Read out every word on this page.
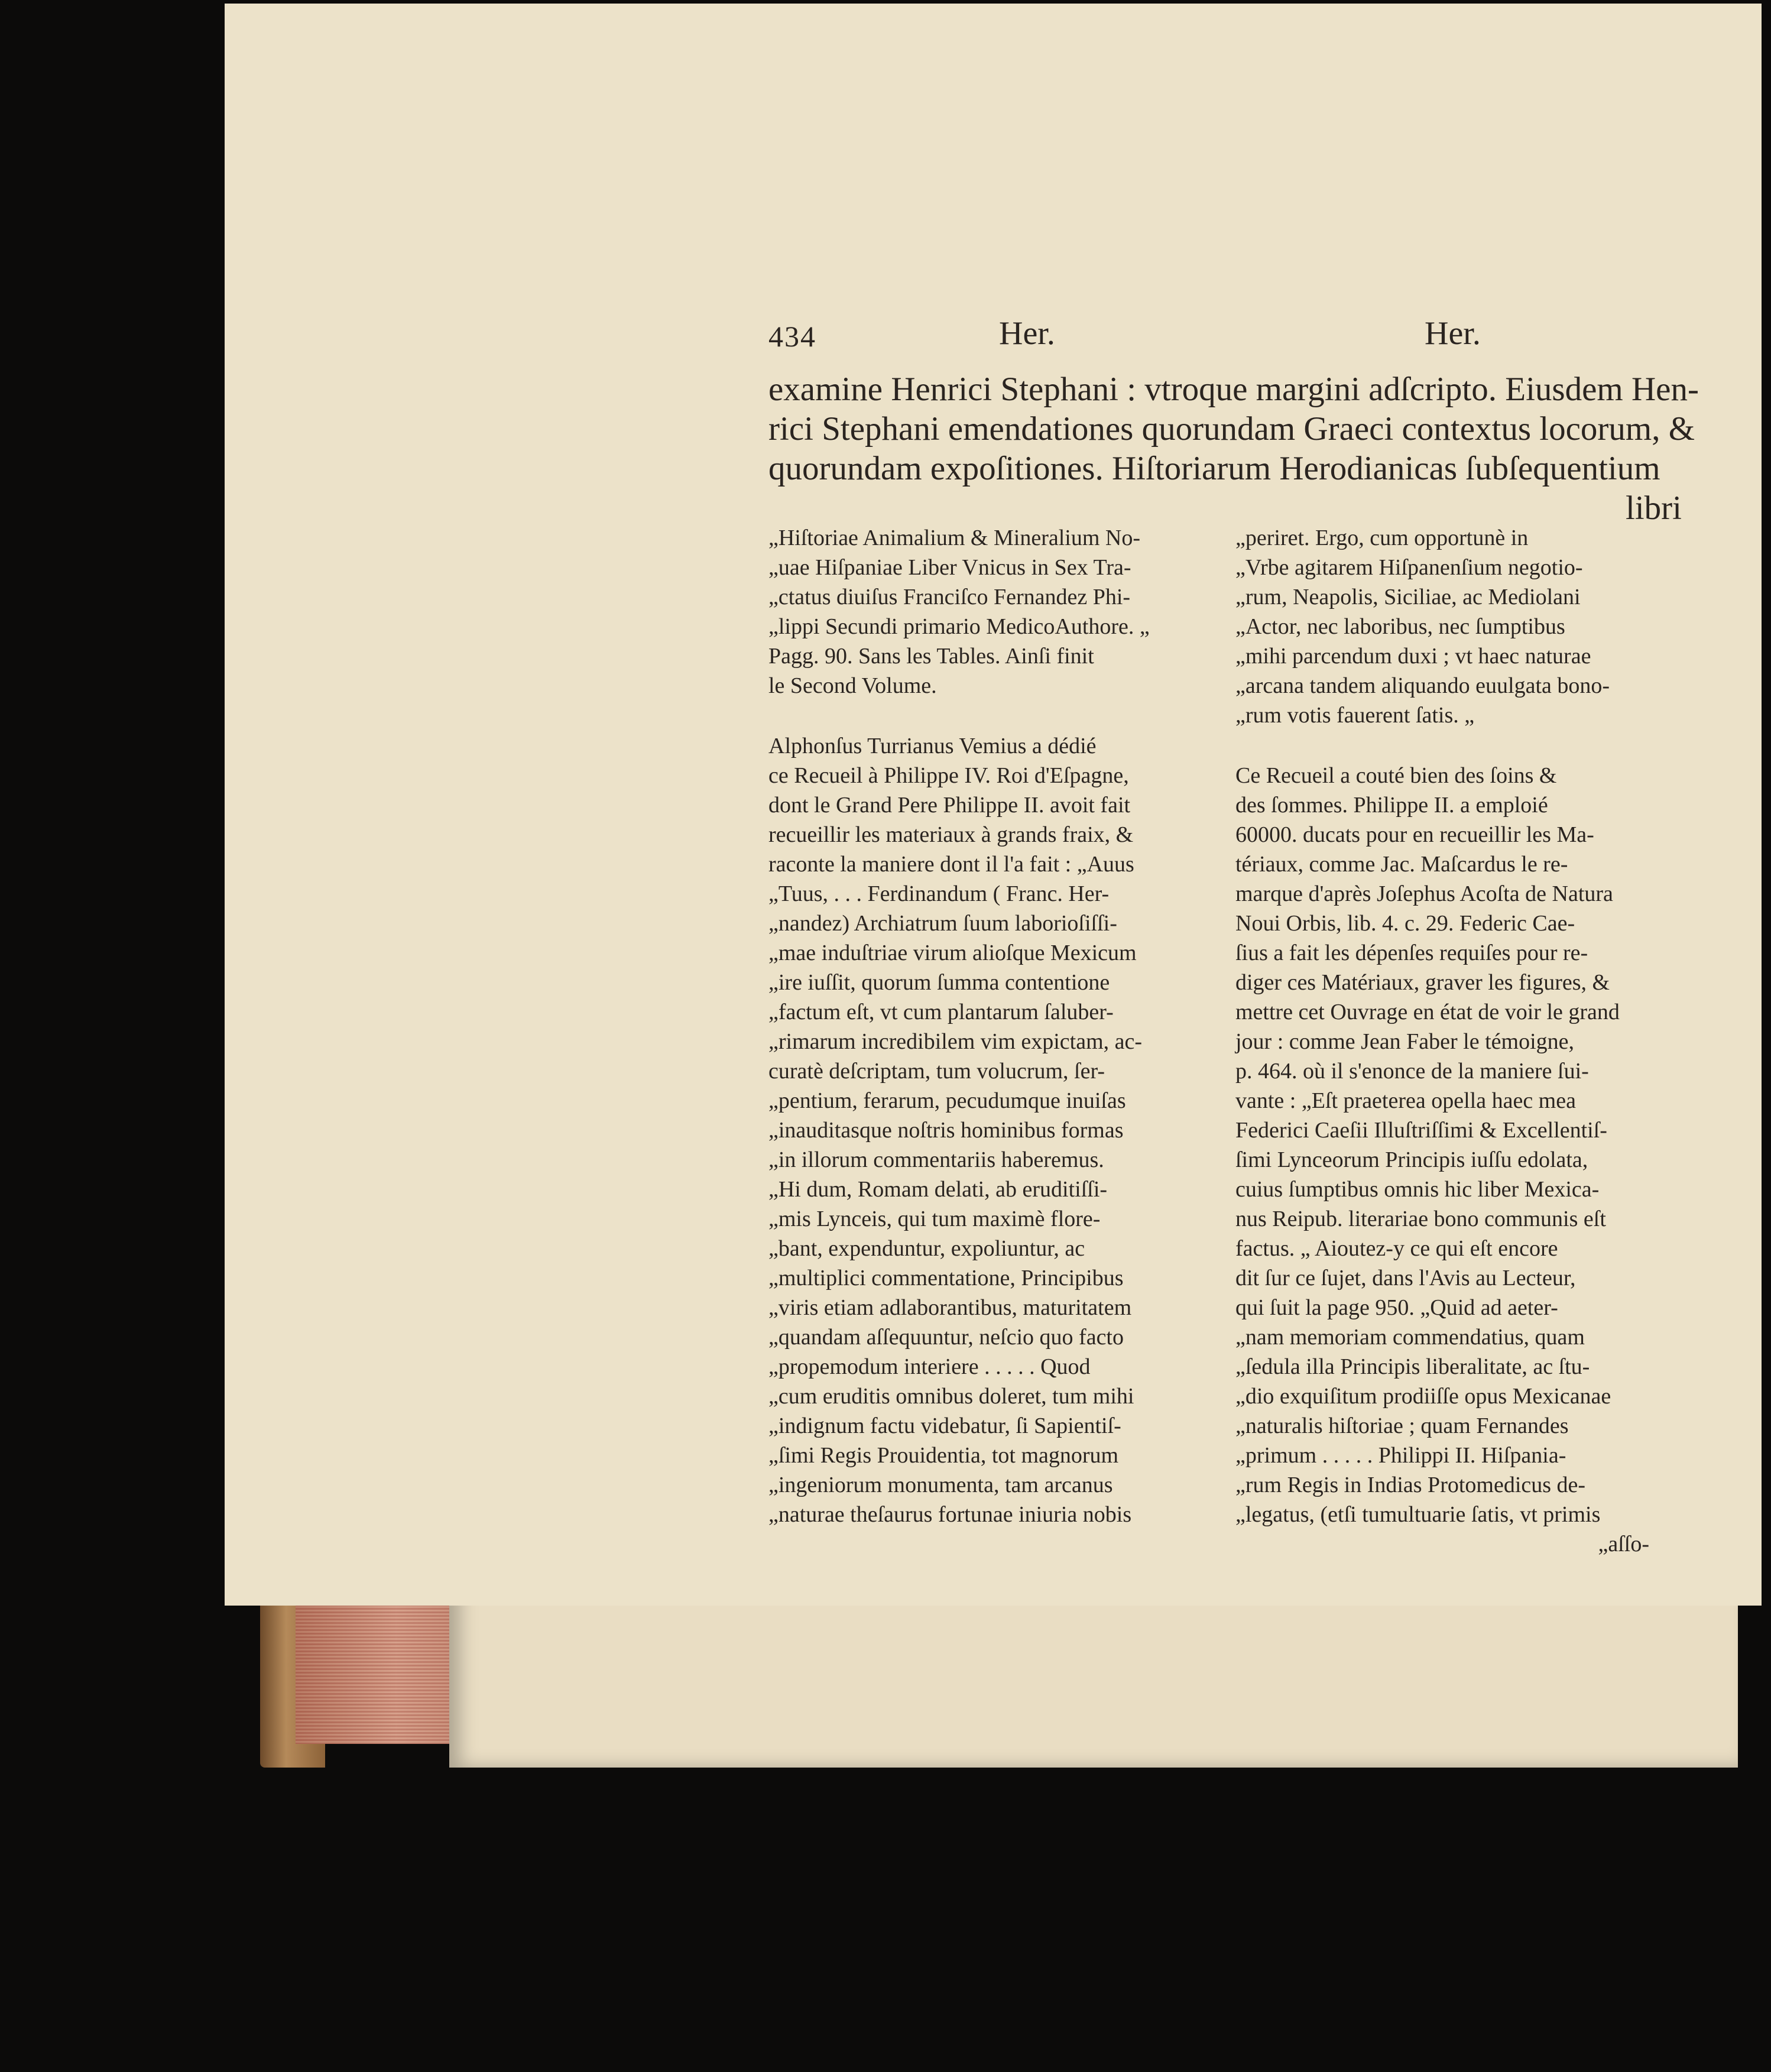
434	Her.	Her.
examine Henrici Stephani : vtroque margini adſcripto. Eiusdem Hen-
rici Stephani emendationes quorundam Graeci contextus locorum, &
quorundam expoſitiones. Hiſtoriarum Herodianicas ſubſequentium
libri
„Hiſtoriae Animalium & Mineralium No-
„uae Hiſpaniae Liber Vnicus in Sex Tra-
„ctatus diuiſus Franciſco Fernandez Phi-
„lippi Secundi primario MedicoAuthore. „
Pagg. 90. Sans les Tables. Ainſi finit
le Second Volume.
Alphonſus Turrianus Vemius a dédié
ce Recueil à Philippe IV. Roi d'Eſpagne,
dont le Grand Pere Philippe II. avoit fait
recueillir les materiaux à grands fraix, &
raconte la maniere dont il l'a fait : „Auus
„Tuus, . . . Ferdinandum ( Franc. Her-
„nandez) Archiatrum ſuum laborioſiſſi-
„mae induſtriae virum alioſque Mexicum
„ire iuſſit, quorum ſumma contentione
„factum eſt, vt cum plantarum ſaluber-
„rimarum incredibilem vim expictam, ac-
curatè deſcriptam, tum volucrum, ſer-
„pentium, ferarum, pecudumque inuiſas
„inauditasque noſtris hominibus formas
„in illorum commentariis haberemus.
„Hi dum, Romam delati, ab eruditiſſi-
„mis Lynceis, qui tum maximè flore-
„bant, expenduntur, expoliuntur, ac
„multiplici commentatione, Principibus
„viris etiam adlaborantibus, maturitatem
„quandam aſſequuntur, neſcio quo facto
„propemodum interiere . . . . . Quod
„cum eruditis omnibus doleret, tum mihi
„indignum factu videbatur, ſi Sapientiſ-
„ſimi Regis Prouidentia, tot magnorum
„ingeniorum monumenta, tam arcanus
„naturae theſaurus fortunae iniuria nobis
„periret. Ergo, cum opportunè in
„Vrbe agitarem Hiſpanenſium negotio-
„rum, Neapolis, Siciliae, ac Mediolani
„Actor, nec laboribus, nec ſumptibus
„mihi parcendum duxi ; vt haec naturae
„arcana tandem aliquando euulgata bono-
„rum votis fauerent ſatis. „
Ce Recueil a couté bien des ſoins &
des ſommes. Philippe II. a emploié
60000. ducats pour en recueillir les Ma-
tériaux, comme Jac. Maſcardus le re-
marque d'après Joſephus Acoſta de Natura
Noui Orbis, lib. 4. c. 29. Federic Cae-
ſius a fait les dépenſes requiſes pour re-
diger ces Matériaux, graver les figures, &
mettre cet Ouvrage en état de voir le grand
jour : comme Jean Faber le témoigne,
p. 464. où il s'enonce de la maniere ſui-
vante : „Eſt praeterea opella haec mea
Federici Caeſii Illuſtriſſimi & Excellentiſ-
ſimi Lynceorum Principis iuſſu edolata,
cuius ſumptibus omnis hic liber Mexica-
nus Reipub. literariae bono communis eſt
factus. „ Aioutez-y ce qui eſt encore
dit ſur ce ſujet, dans l'Avis au Lecteur,
qui ſuit la page 950. „Quid ad aeter-
„nam memoriam commendatius, quam
„ſedula illa Principis liberalitate, ac ſtu-
„dio exquiſitum prodiiſſe opus Mexicanae
„naturalis hiſtoriae ; quam Fernandes
„primum . . . . . Philippi II. Hiſpania-
„rum Regis in Indias Protomedicus de-
„legatus, (etſi tumultuarie ſatis, vt primis
„aſſo-
